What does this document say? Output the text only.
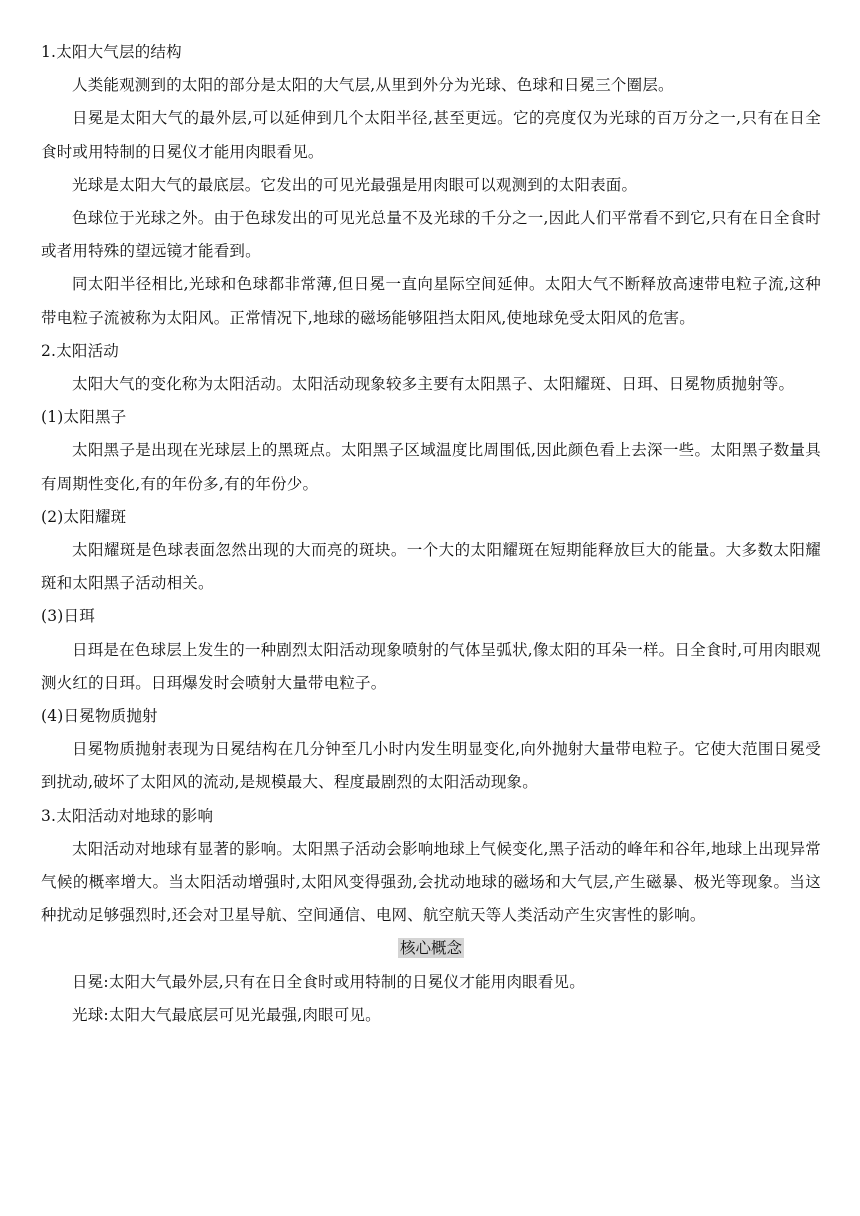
1.太阳大气层的结构
人类能观测到的太阳的部分是太阳的大气层,从里到外分为光球、色球和日冕三个圈层。
日冕是太阳大气的最外层,可以延伸到几个太阳半径,甚至更远。它的亮度仅为光球的百万分之一,只有在日全食时或用特制的日冕仪才能用肉眼看见。
光球是太阳大气的最底层。它发出的可见光最强是用肉眼可以观测到的太阳表面。
色球位于光球之外。由于色球发出的可见光总量不及光球的千分之一,因此人们平常看不到它,只有在日全食时或者用特殊的望远镜才能看到。
同太阳半径相比,光球和色球都非常薄,但日冕一直向星际空间延伸。太阳大气不断释放高速带电粒子流,这种带电粒子流被称为太阳风。正常情况下,地球的磁场能够阻挡太阳风,使地球免受太阳风的危害。
2.太阳活动
太阳大气的变化称为太阳活动。太阳活动现象较多主要有太阳黑子、太阳耀斑、日珥、日冕物质抛射等。
(1)太阳黑子
太阳黑子是出现在光球层上的黑斑点。太阳黑子区域温度比周围低,因此颜色看上去深一些。太阳黑子数量具有周期性变化,有的年份多,有的年份少。
(2)太阳耀斑
太阳耀斑是色球表面忽然出现的大而亮的斑块。一个大的太阳耀斑在短期能释放巨大的能量。大多数太阳耀斑和太阳黑子活动相关。
(3)日珥
日珥是在色球层上发生的一种剧烈太阳活动现象喷射的气体呈弧状,像太阳的耳朵一样。日全食时,可用肉眼观测火红的日珥。日珥爆发时会喷射大量带电粒子。
(4)日冕物质抛射
日冕物质抛射表现为日冕结构在几分钟至几小时内发生明显变化,向外抛射大量带电粒子。它使大范围日冕受到扰动,破坏了太阳风的流动,是规模最大、程度最剧烈的太阳活动现象。
3.太阳活动对地球的影响
太阳活动对地球有显著的影响。太阳黑子活动会影响地球上气候变化,黑子活动的峰年和谷年,地球上出现异常气候的概率增大。当太阳活动增强时,太阳风变得强劲,会扰动地球的磁场和大气层,产生磁暴、极光等现象。当这种扰动足够强烈时,还会对卫星导航、空间通信、电网、航空航天等人类活动产生灾害性的影响。
核心概念
日冕:太阳大气最外层,只有在日全食时或用特制的日冕仪才能用肉眼看见。
光球:太阳大气最底层可见光最强,肉眼可见。
